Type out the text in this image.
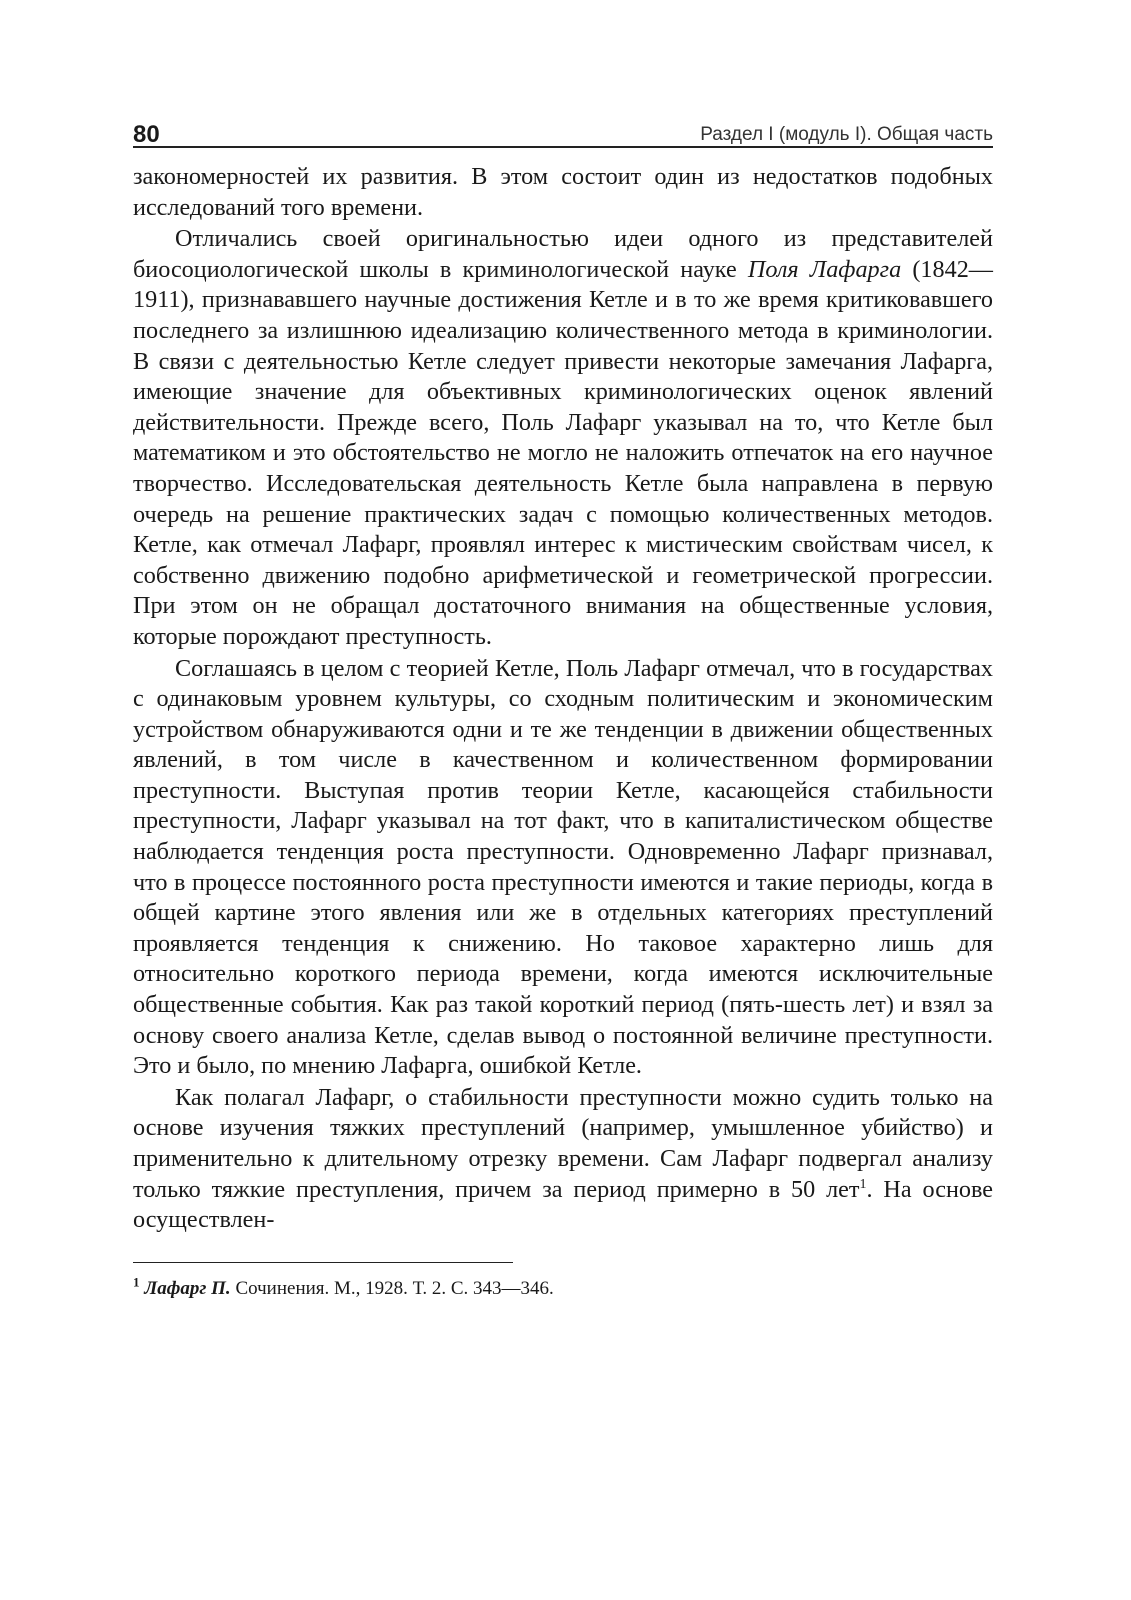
80	Раздел I (модуль I). Общая часть

закономерностей их развития. В этом состоит один из недостатков подобных исследований того времени.

Отличались своей оригинальностью идеи одного из представителей биосоциологической школы в криминологической науке Поля Лафарга (1842—1911), признававшего научные достижения Кетле и в то же время критиковавшего последнего за излишнюю идеализацию количественного метода в криминологии. В связи с деятельностью Кетле следует привести некоторые замечания Лафарга, имеющие значение для объективных криминологических оценок явлений действительности. Прежде всего, Поль Лафарг указывал на то, что Кетле был математиком и это обстоятельство не могло не наложить отпечаток на его научное творчество. Исследовательская деятельность Кетле была направлена в первую очередь на решение практических задач с помощью количественных методов. Кетле, как отмечал Лафарг, проявлял интерес к мистическим свойствам чисел, к собственно движению подобно арифметической и геометрической прогрессии. При этом он не обращал достаточного внимания на общественные условия, которые порождают преступность.

Соглашаясь в целом с теорией Кетле, Поль Лафарг отмечал, что в государствах с одинаковым уровнем культуры, со сходным политическим и экономическим устройством обнаруживаются одни и те же тенденции в движении общественных явлений, в том числе в качественном и количественном формировании преступности. Выступая против теории Кетле, касающейся стабильности преступности, Лафарг указывал на тот факт, что в капиталистическом обществе наблюдается тенденция роста преступности. Одновременно Лафарг признавал, что в процессе постоянного роста преступности имеются и такие периоды, когда в общей картине этого явления или же в отдельных категориях преступлений проявляется тенденция к снижению. Но таковое характерно лишь для относительно короткого периода времени, когда имеются исключительные общественные события. Как раз такой короткий период (пять-шесть лет) и взял за основу своего анализа Кетле, сделав вывод о постоянной величине преступности. Это и было, по мнению Лафарга, ошибкой Кетле.

Как полагал Лафарг, о стабильности преступности можно судить только на основе изучения тяжких преступлений (например, умышленное убийство) и применительно к длительному отрезку времени. Сам Лафарг подвергал анализу только тяжкие преступления, причем за период примерно в 50 лет$^1$. На основе осуществлен-

$^1$ Лафарг П. Сочинения. М., 1928. Т. 2. С. 343—346.
